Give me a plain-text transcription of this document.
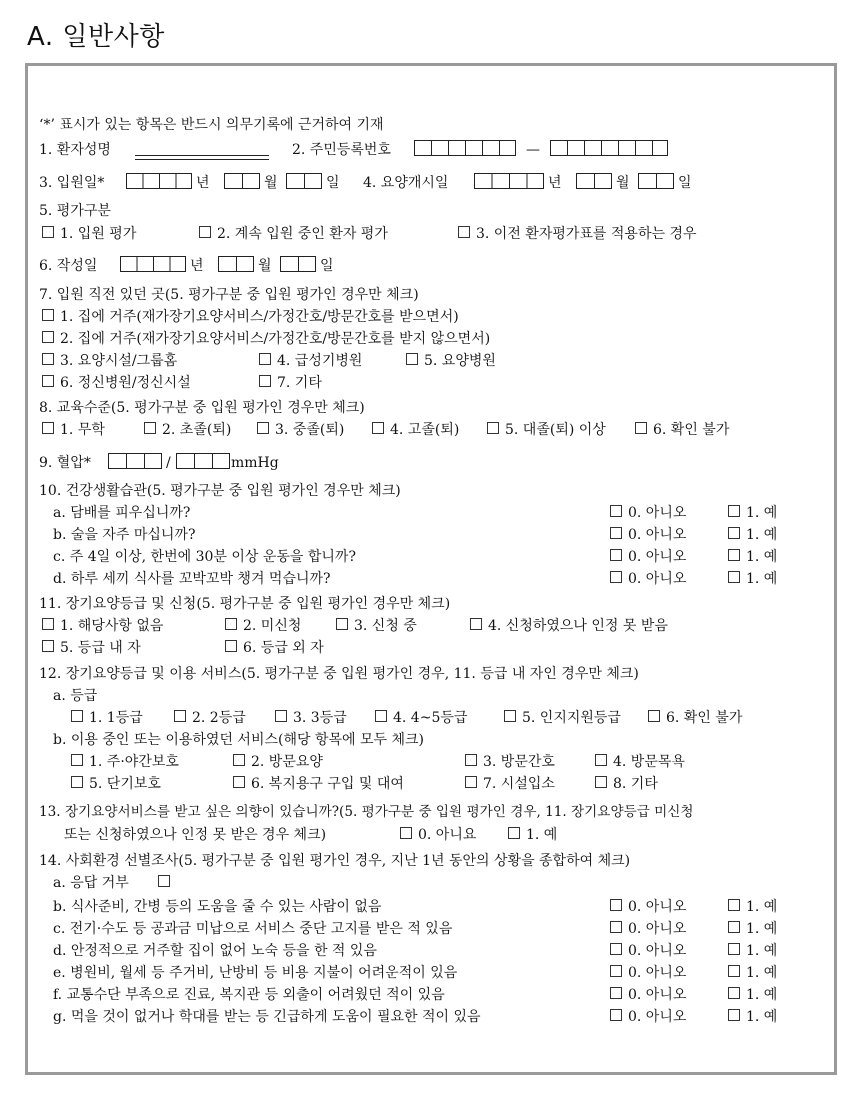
A. 일반사항
‘*’ 표시가 있는 항목은 반드시 의무기록에 근거하여 기재
1. 환자성명	2. 주민등록번호	—
3. 입원일*	년	월	일 4. 요양개시일	년	월	일
5. 평가구분
1. 입원 평가	2. 계속 입원 중인 환자 평가	3. 이전 환자평가표를 적용하는 경우
6. 작성일	년	월	일
7. 입원 직전 있던 곳(5. 평가구분 중 입원 평가인 경우만 체크)
1. 집에 거주(재가장기요양서비스/가정간호/방문간호를 받으면서)
2. 집에 거주(재가장기요양서비스/가정간호/방문간호를 받지 않으면서)
3. 요양시설/그룹홈	4. 급성기병원	5. 요양병원
6. 정신병원/정신시설	7. 기타
8. 교육수준(5. 평가구분 중 입원 평가인 경우만 체크)
1. 무학	2. 초졸(퇴)	3. 중졸(퇴)	4. 고졸(퇴)	5. 대졸(퇴) 이상	6. 확인 불가
9. 혈압*	/	mmHg
10. 건강생활습관(5. 평가구분 중 입원 평가인 경우만 체크)
a. 담배를 피우십니까?	0. 아니오	1. 예
b. 술을 자주 마십니까?	0. 아니오	1. 예
c. 주 4일 이상, 한번에 30분 이상 운동을 합니까?	0. 아니오	1. 예
d. 하루 세끼 식사를 꼬박꼬박 챙겨 먹습니까?	0. 아니오	1. 예
11. 장기요양등급 및 신청(5. 평가구분 중 입원 평가인 경우만 체크)
1. 해당사항 없음	2. 미신청	3. 신청 중	4. 신청하였으나 인정 못 받음
5. 등급 내 자	6. 등급 외 자
12. 장기요양등급 및 이용 서비스(5. 평가구분 중 입원 평가인 경우, 11. 등급 내 자인 경우만 체크)
a. 등급
1. 1등급	2. 2등급	3. 3등급	4. 4~5등급	5. 인지지원등급	6. 확인 불가
b. 이용 중인 또는 이용하였던 서비스(해당 항목에 모두 체크)
1. 주·야간보호	2. 방문요양	3. 방문간호	4. 방문목욕
5. 단기보호	6. 복지용구 구입 및 대여	7. 시설입소	8. 기타
13. 장기요양서비스를 받고 싶은 의향이 있습니까?(5. 평가구분 중 입원 평가인 경우, 11. 장기요양등급 미신청
또는 신청하였으나 인정 못 받은 경우 체크)	0. 아니요	1. 예
14. 사회환경 선별조사(5. 평가구분 중 입원 평가인 경우, 지난 1년 동안의 상황을 종합하여 체크)
a. 응답 거부
b. 식사준비, 간병 등의 도움을 줄 수 있는 사람이 없음	0. 아니오	1. 예
c. 전기·수도 등 공과금 미납으로 서비스 중단 고지를 받은 적 있음	0. 아니오	1. 예
d. 안정적으로 거주할 집이 없어 노숙 등을 한 적 있음	0. 아니오	1. 예
e. 병원비, 월세 등 주거비, 난방비 등 비용 지불이 어려운적이 있음	0. 아니오	1. 예
f. 교통수단 부족으로 진료, 복지관 등 외출이 어려웠던 적이 있음	0. 아니오	1. 예
g. 먹을 것이 없거나 학대를 받는 등 긴급하게 도움이 필요한 적이 있음	0. 아니오	1. 예
